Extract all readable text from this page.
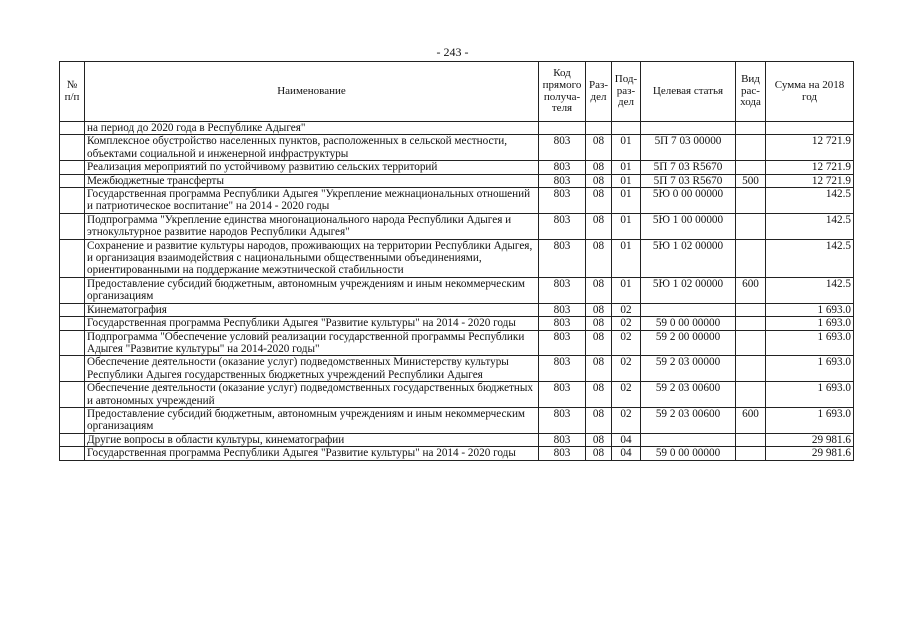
- 243 -
№ п/п	Наименование	Код прямого получа-теля	Раз-дел	Под-раз-дел	Целевая статья	Вид рас-хода	Сумма на 2018 год
	на период до 2020 года в Республике Адыгея"						
	Комплексное обустройство населенных пунктов, расположенных в сельской местности, объектами социальной и инженерной инфраструктуры	803	08	01	5П 7 03 00000		12 721.9
	Реализация мероприятий по устойчивому развитию сельских территорий	803	08	01	5П 7 03 R5670		12 721.9
	Межбюджетные трансферты	803	08	01	5П 7 03 R5670	500	12 721.9
	Государственная программа Республики Адыгея "Укрепление межнациональных отношений и патриотическое воспитание" на 2014 - 2020 годы	803	08	01	5Ю 0 00 00000		142.5
	Подпрограмма "Укрепление единства многонационального народа Республики Адыгея и этнокультурное развитие народов Республики Адыгея"	803	08	01	5Ю 1 00 00000		142.5
	Сохранение и развитие культуры народов, проживающих на территории Республики Адыгея, и организация взаимодействия с национальными общественными объединениями, ориентированными на поддержание межэтнической стабильности	803	08	01	5Ю 1 02 00000		142.5
	Предоставление субсидий бюджетным, автономным учреждениям и иным некоммерческим организациям	803	08	01	5Ю 1 02 00000	600	142.5
	Кинематография	803	08	02			1 693.0
	Государственная программа Республики Адыгея "Развитие культуры" на 2014 - 2020 годы	803	08	02	59 0 00 00000		1 693.0
	Подпрограмма "Обеспечение условий реализации государственной программы Республики Адыгея "Развитие культуры" на 2014-2020 годы"	803	08	02	59 2 00 00000		1 693.0
	Обеспечение деятельности (оказание услуг) подведомственных Министерству культуры Республики Адыгея государственных бюджетных учреждений Республики Адыгея	803	08	02	59 2 03 00000		1 693.0
	Обеспечение деятельности (оказание услуг) подведомственных государственных бюджетных и автономных учреждений	803	08	02	59 2 03 00600		1 693.0
	Предоставление субсидий бюджетным, автономным учреждениям и иным некоммерческим организациям	803	08	02	59 2 03 00600	600	1 693.0
	Другие вопросы в области культуры, кинематографии	803	08	04			29 981.6
	Государственная программа Республики Адыгея "Развитие культуры" на 2014 - 2020 годы	803	08	04	59 0 00 00000		29 981.6
